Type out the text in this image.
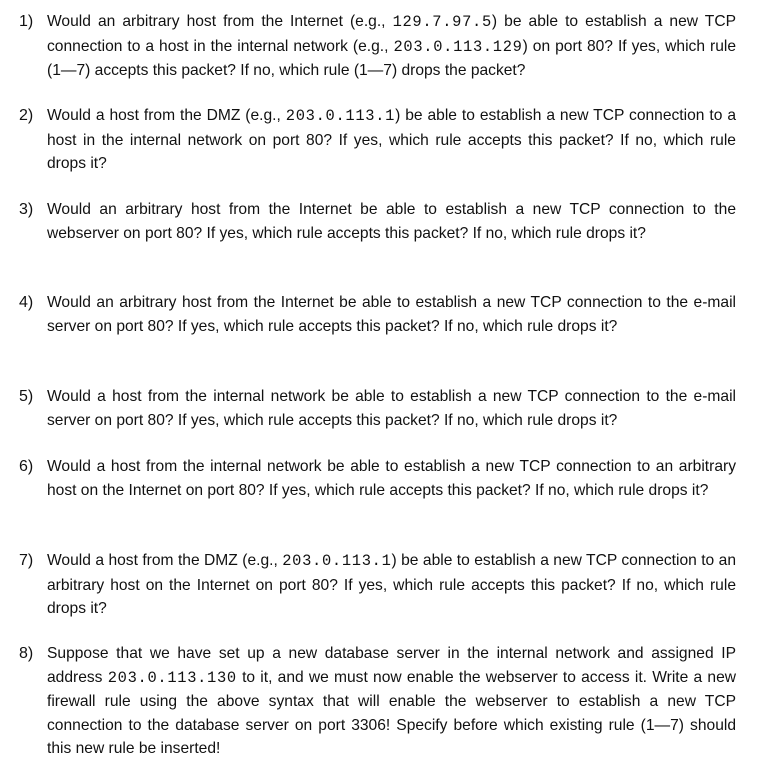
1) Would an arbitrary host from the Internet (e.g., 129.7.97.5) be able to establish a new TCP connection to a host in the internal network (e.g., 203.0.113.129) on port 80? If yes, which rule (1—7) accepts this packet? If no, which rule (1—7) drops the packet?
2) Would a host from the DMZ (e.g., 203.0.113.1) be able to establish a new TCP connection to a host in the internal network on port 80? If yes, which rule accepts this packet? If no, which rule drops it?
3) Would an arbitrary host from the Internet be able to establish a new TCP connection to the webserver on port 80? If yes, which rule accepts this packet? If no, which rule drops it?
4) Would an arbitrary host from the Internet be able to establish a new TCP connection to the e-mail server on port 80? If yes, which rule accepts this packet? If no, which rule drops it?
5) Would a host from the internal network be able to establish a new TCP connection to the e-mail server on port 80? If yes, which rule accepts this packet? If no, which rule drops it?
6) Would a host from the internal network be able to establish a new TCP connection to an arbitrary host on the Internet on port 80? If yes, which rule accepts this packet? If no, which rule drops it?
7) Would a host from the DMZ (e.g., 203.0.113.1) be able to establish a new TCP connection to an arbitrary host on the Internet on port 80? If yes, which rule accepts this packet? If no, which rule drops it?
8) Suppose that we have set up a new database server in the internal network and assigned IP address 203.0.113.130 to it, and we must now enable the webserver to access it. Write a new firewall rule using the above syntax that will enable the webserver to establish a new TCP connection to the database server on port 3306! Specify before which existing rule (1—7) should this new rule be inserted!
